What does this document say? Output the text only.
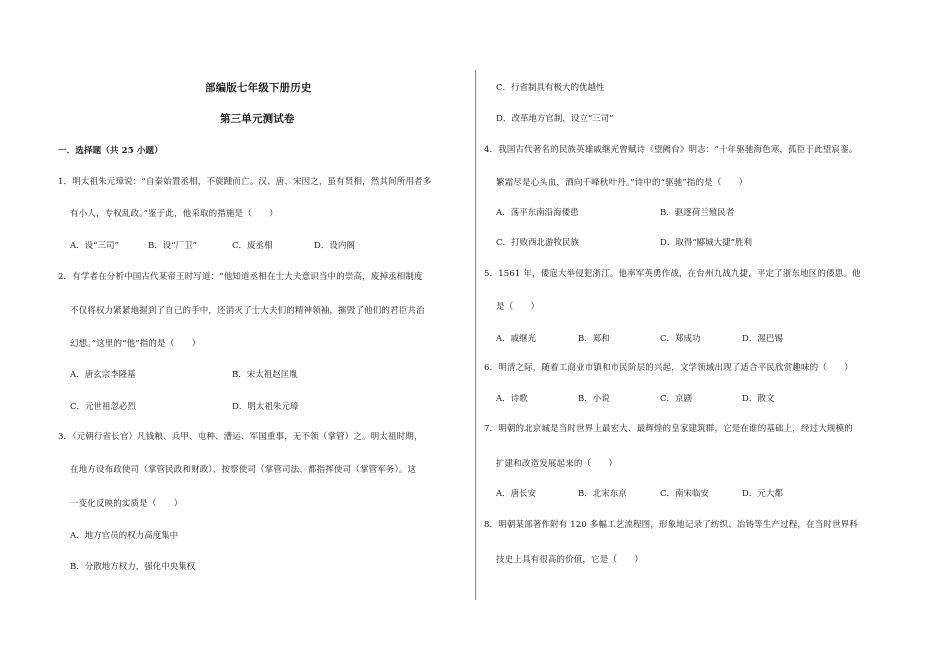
部编版七年级下册历史

第三单元测试卷

一．选择题（共 25 小题）

1．明太祖朱元璋说：“自秦始置丞相，不旋踵而亡。汉、唐、宋因之，虽有贤相，然其间所用者多

有小人，专权乱政。”鉴于此，他采取的措施是（　　）

A．设“三司”	B．设“厂卫”	C．废丞相	D．设内阁

2．有学者在分析中国古代某帝王时写道：“他知道丞相在士大夫意识当中的崇高，废掉丞相制度

不仅将权力紧紧地握到了自己的手中，还消灭了士大夫们的精神领袖，摧毁了他们的君臣共治

幻想。”这里的“他”指的是（　　）

A．唐玄宗李隆基	B．宋太祖赵匡胤

C．元世祖忽必烈	D．明太祖朱元璋

3．（元朝行省长官）凡钱粮、兵甲、屯种、漕运、军国重事，无不领（掌管）之。明太祖时期，

在地方设布政使司（掌管民政和财政）、按察使司（掌管司法、都指挥使司（掌管军务）。这

一变化反映的实质是（　　）

A．地方官员的权力高度集中

B．分散地方权力，强化中央集权

C．行省制具有极大的优越性

D．改革地方官制，设立“三司”

4．我国古代著名的民族英雄戚继光曾赋诗《望阙台》明志：“十年驱驰海色寒，孤臣于此望宸銮。

繁霜尽是心头血，洒向千峰秋叶丹。”诗中的“驱驰”指的是（　　）

A．荡平东南沿海倭患	B．驱逐荷兰殖民者

C．打败西北游牧民族	D．取得“郾城大捷”胜利

5．1561 年，倭寇大举侵犯浙江。他率军英勇作战，在台州九战九捷，平定了浙东地区的倭患。他

是（　　）

A．戚继光	B．郑和	C．郑成功	D．渥巴锡

6．明清之际，随着工商业市镇和市民阶层的兴起，文学领域出现了适合平民欣赏趣味的（　　）

A．诗歌	B．小说	C．京剧	D．散文

7．明朝的北京城是当时世界上最宏大、最辉煌的皇家建筑群，它是在谁的基础上，经过大规模的

扩建和改造发展起来的（　　）

A．唐长安	B．北宋东京	C．南宋临安	D．元大都

8．明朝某部著作附有 120 多幅工艺流程图，形象地记录了纺织、冶铸等生产过程，在当时世界科

技史上具有很高的价值，它是（　　）
